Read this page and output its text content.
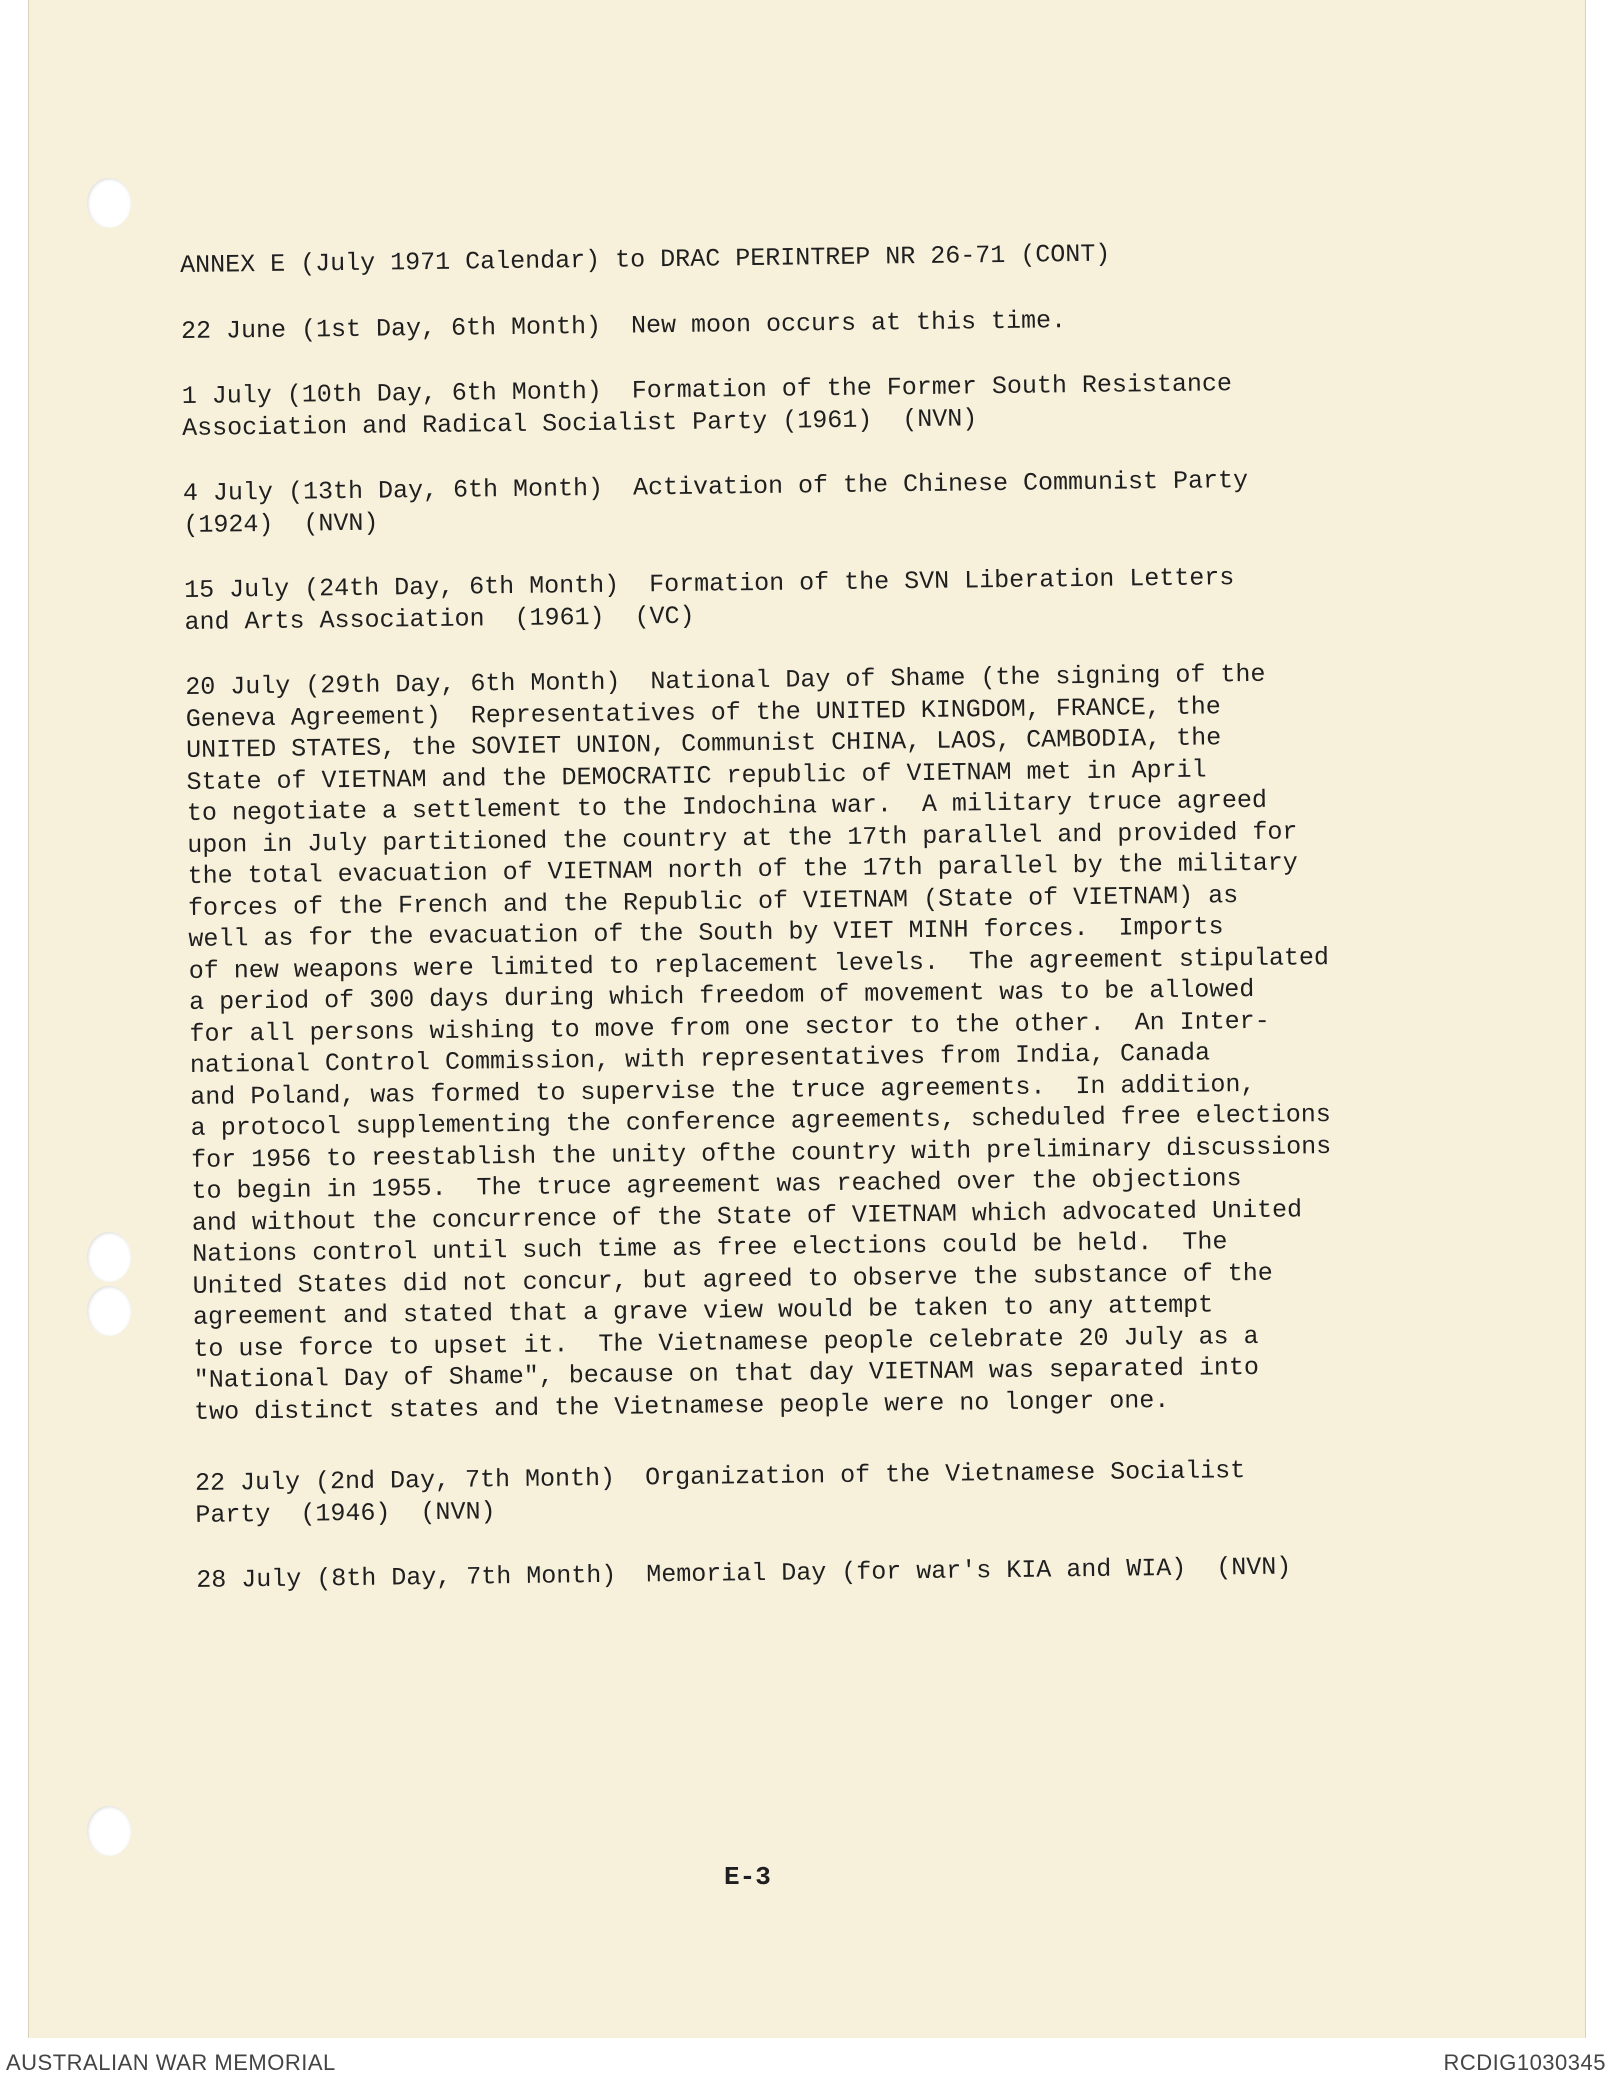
ANNEX E (July 1971 Calendar) to DRAC PERINTREP NR 26-71 (CONT)
22 June (1st Day, 6th Month)  New moon occurs at this time.
1 July (10th Day, 6th Month)  Formation of the Former South Resistance
Association and Radical Socialist Party (1961)  (NVN)
4 July (13th Day, 6th Month)  Activation of the Chinese Communist Party
(1924)  (NVN)
15 July (24th Day, 6th Month)  Formation of the SVN Liberation Letters
and Arts Association  (1961)  (VC)
20 July (29th Day, 6th Month)  National Day of Shame (the signing of the
Geneva Agreement)  Representatives of the UNITED KINGDOM, FRANCE, the
UNITED STATES, the SOVIET UNION, Communist CHINA, LAOS, CAMBODIA, the
State of VIETNAM and the DEMOCRATIC republic of VIETNAM met in April
to negotiate a settlement to the Indochina war.  A military truce agreed
upon in July partitioned the country at the 17th parallel and provided for
the total evacuation of VIETNAM north of the 17th parallel by the military
forces of the French and the Republic of VIETNAM (State of VIETNAM) as
well as for the evacuation of the South by VIET MINH forces.  Imports
of new weapons were limited to replacement levels.  The agreement stipulated
a period of 300 days during which freedom of movement was to be allowed
for all persons wishing to move from one sector to the other.  An Inter-
national Control Commission, with representatives from India, Canada
and Poland, was formed to supervise the truce agreements.  In addition,
a protocol supplementing the conference agreements, scheduled free elections
for 1956 to reestablish the unity ofthe country with preliminary discussions
to begin in 1955.  The truce agreement was reached over the objections
and without the concurrence of the State of VIETNAM which advocated United
Nations control until such time as free elections could be held.  The
United States did not concur, but agreed to observe the substance of the
agreement and stated that a grave view would be taken to any attempt
to use force to upset it.  The Vietnamese people celebrate 20 July as a
"National Day of Shame", because on that day VIETNAM was separated into
two distinct states and the Vietnamese people were no longer one.
22 July (2nd Day, 7th Month)  Organization of the Vietnamese Socialist
Party  (1946)  (NVN)
28 July (8th Day, 7th Month)  Memorial Day (for war's KIA and WIA)  (NVN)
E-3
AUSTRALIAN WAR MEMORIAL	RCDIG1030345
